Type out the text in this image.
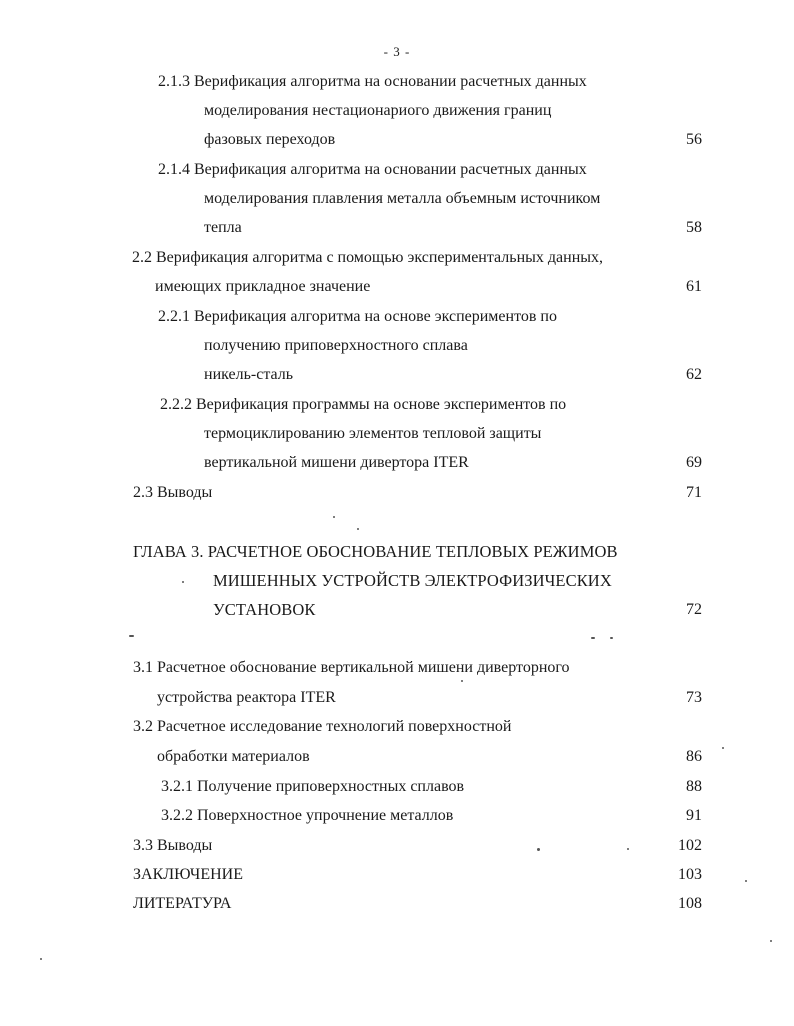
- 3 -
2.1.3 Верификация алгоритма на основании расчетных данных
моделирования нестационариого движения границ
фазовых переходов	56
2.1.4 Верификация алгоритма на основании расчетных данных
моделирования плавления металла объемным источником
тепла	58
2.2 Верификация алгоритма с помощью экспериментальных данных,
имеющих прикладное значение	61
2.2.1 Верификация алгоритма на основе экспериментов по
получению приповерхностного сплава
никель-сталь	62
2.2.2 Верификация программы на основе экспериментов по
термоциклированию элементов тепловой защиты
вертикальной мишени дивертора ITER	69
2.3 Выводы	71
ГЛАВА 3. РАСЧЕТНОЕ ОБОСНОВАНИЕ ТЕПЛОВЫХ РЕЖИМОВ
МИШЕННЫХ УСТРОЙСТВ ЭЛЕКТРОФИЗИЧЕСКИХ
УСТАНОВОК	72
3.1 Расчетное обоснование вертикальной мишени диверторного
устройства реактора ITER	73
3.2 Расчетное исследование технологий поверхностной
обработки материалов	86
3.2.1 Получение приповерхностных сплавов	88
3.2.2 Поверхностное упрочнение металлов	91
3.3 Выводы	102
ЗАКЛЮЧЕНИЕ	103
ЛИТЕРАТУРА	108
